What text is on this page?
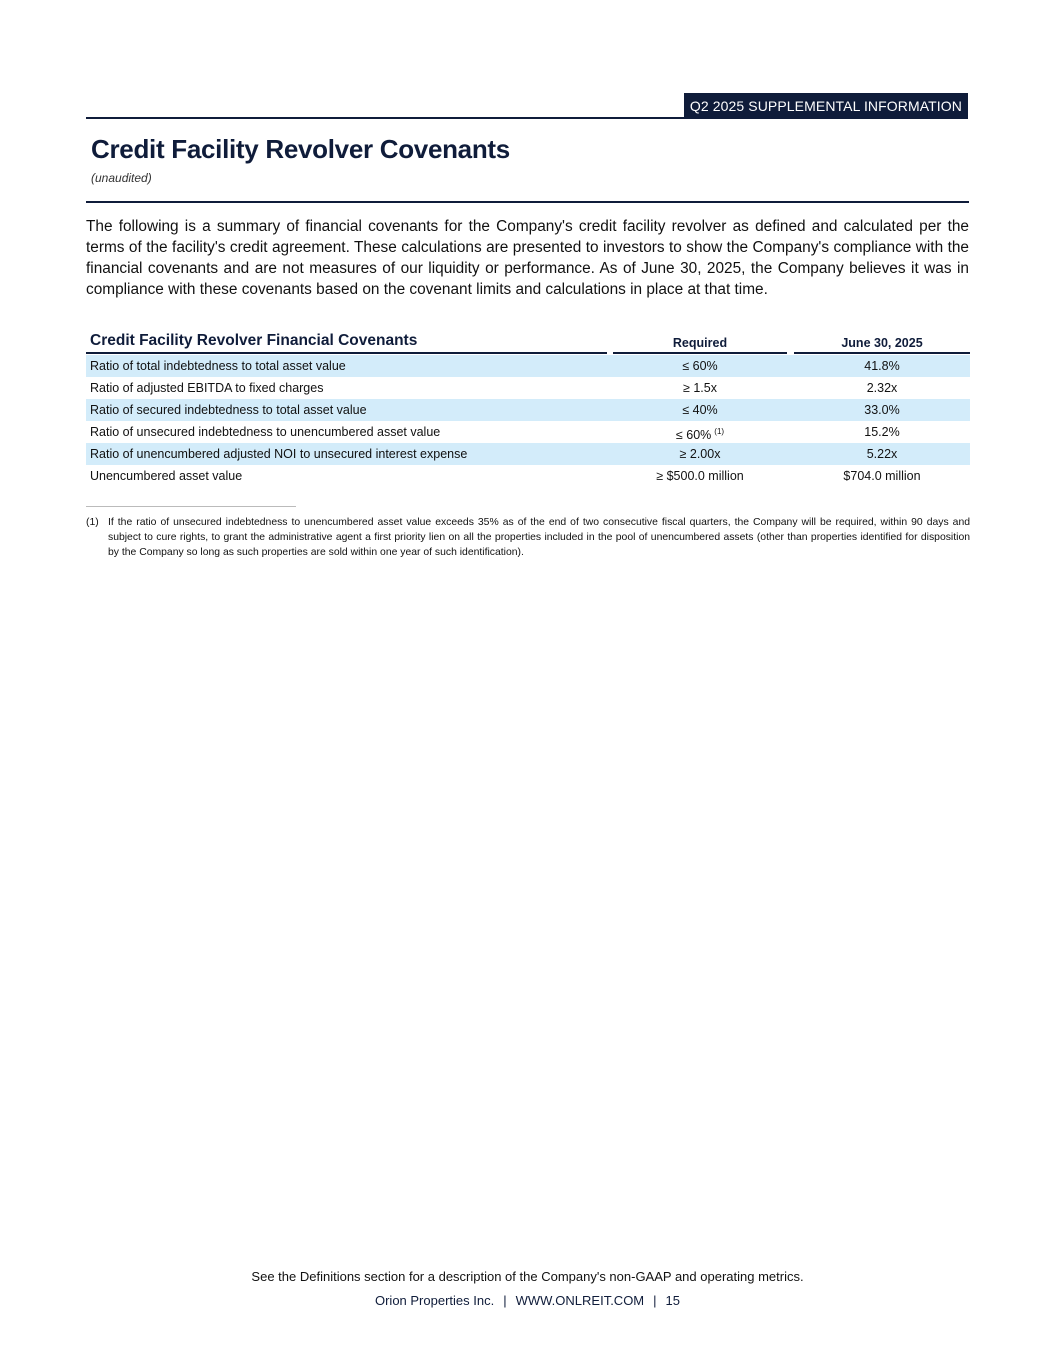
Q2 2025 SUPPLEMENTAL INFORMATION
Credit Facility Revolver Covenants
(unaudited)

The following is a summary of financial covenants for the Company's credit facility revolver as defined and calculated per the terms of the facility's credit agreement. These calculations are presented to investors to show the Company's compliance with the financial covenants and are not measures of our liquidity or performance. As of June 30, 2025, the Company believes it was in compliance with these covenants based on the covenant limits and calculations in place at that time.

Credit Facility Revolver Financial Covenants	Required	June 30, 2025
Ratio of total indebtedness to total asset value	≤ 60%	41.8%
Ratio of adjusted EBITDA to fixed charges	≥ 1.5x	2.32x
Ratio of secured indebtedness to total asset value	≤ 40%	33.0%
Ratio of unsecured indebtedness to unencumbered asset value	≤ 60% $^{(1)}$	15.2%
Ratio of unencumbered adjusted NOI to unsecured interest expense	≥ 2.00x	5.22x
Unencumbered asset value	≥ $500.0 million	$704.0 million
(1) If the ratio of unsecured indebtedness to unencumbered asset value exceeds 35% as of the end of two consecutive fiscal quarters, the Company will be required, within 90 days and subject to cure rights, to grant the administrative agent a first priority lien on all the properties included in the pool of unencumbered assets (other than properties identified for disposition by the Company so long as such properties are sold within one year of such identification).

See the Definitions section for a description of the Company's non-GAAP and operating metrics.
Orion Properties Inc. | WWW.ONLREIT.COM | 15
